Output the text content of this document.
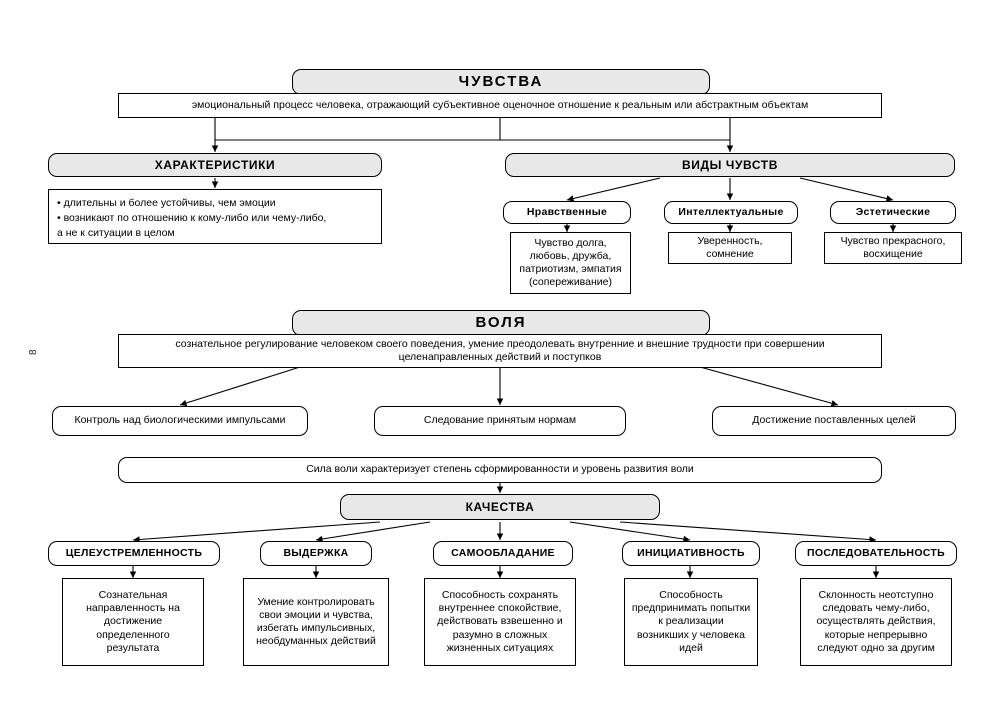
8
ЧУВСТВА
эмоциональный процесс человека, отражающий субъективное оценочное отношение к реальным или абстрактным объектам
ХАРАКТЕРИСТИКИ
• длительны и более устойчивы, чем эмоции
• возникают по отношению к кому-либо или чему-либо,
а не к ситуации в целом
ВИДЫ ЧУВСТВ
Нравственные
Чувство долга, любовь, дружба, патриотизм, эмпатия (сопереживание)
Интеллектуальные
Уверенность, сомнение
Эстетические
Чувство прекрасного, восхищение
ВОЛЯ
сознательное регулирование человеком своего поведения, умение преодолевать внутренние и внешние трудности при совершении целенаправленных действий и поступков
Контроль над биологическими импульсами	Следование принятым нормам	Достижение поставленных целей
Сила воли характеризует степень сформированности и уровень развития воли
КАЧЕСТВА
ЦЕЛЕУСТРЕМЛЕННОСТЬ
Сознательная направленность на достижение определенного результата
ВЫДЕРЖКА
Умение контролировать свои эмоции и чувства, избегать импульсивных, необдуманных действий
САМООБЛАДАНИЕ
Способность сохранять внутреннее спокойствие, действовать взвешенно и разумно в сложных жизненных ситуациях
ИНИЦИАТИВНОСТЬ
Способность предпринимать попытки к реализации возникших у человека идей
ПОСЛЕДОВАТЕЛЬНОСТЬ
Склонность неотступно следовать чему-либо, осуществлять действия, которые непрерывно следуют одно за другим
